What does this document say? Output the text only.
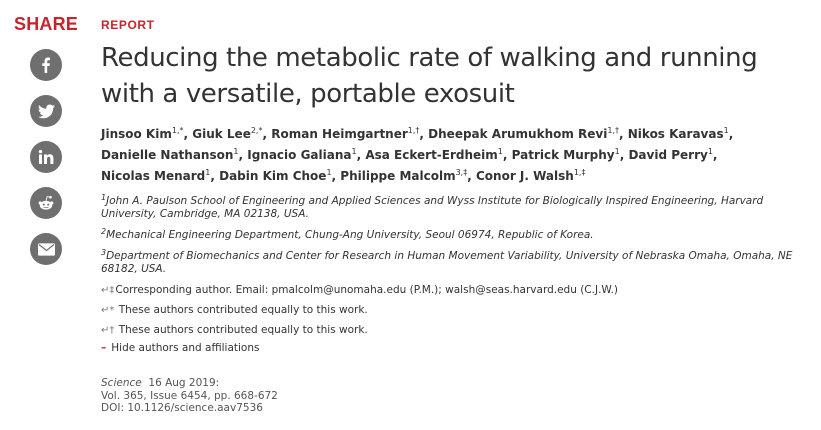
SHARE REPORT
Reducing the metabolic rate of walking and running with a versatile, portable exosuit
Jinsoo Kim$^{1,*}$, Giuk Lee$^{2,*}$, Roman Heimgartner$^{1,\dagger}$, Dheepak Arumukhom Revi$^{1,\dagger}$, Nikos Karavas$^1$, Danielle Nathanson$^1$, Ignacio Galiana$^1$, Asa Eckert-Erdheim$^1$, Patrick Murphy$^1$, David Perry$^1$, Nicolas Menard$^1$, Dabin Kim Choe$^1$, Philippe Malcolm$^{3,\ddagger}$, Conor J. Walsh$^{1,\ddagger}$
$^1$John A. Paulson School of Engineering and Applied Sciences and Wyss Institute for Biologically Inspired Engineering, Harvard University, Cambridge, MA 02138, USA.
$^2$Mechanical Engineering Department, Chung-Ang University, Seoul 06974, Republic of Korea.
$^3$Department of Biomechanics and Center for Research in Human Movement Variability, University of Nebraska Omaha, Omaha, NE 68182, USA.
↵‡Corresponding author. Email: pmalcolm@unomaha.edu (P.M.); walsh@seas.harvard.edu (C.J.W.)
↵* These authors contributed equally to this work.
↵† These authors contributed equally to this work.
– Hide authors and affiliations
Science 16 Aug 2019:
Vol. 365, Issue 6454, pp. 668-672
DOI: 10.1126/science.aav7536
